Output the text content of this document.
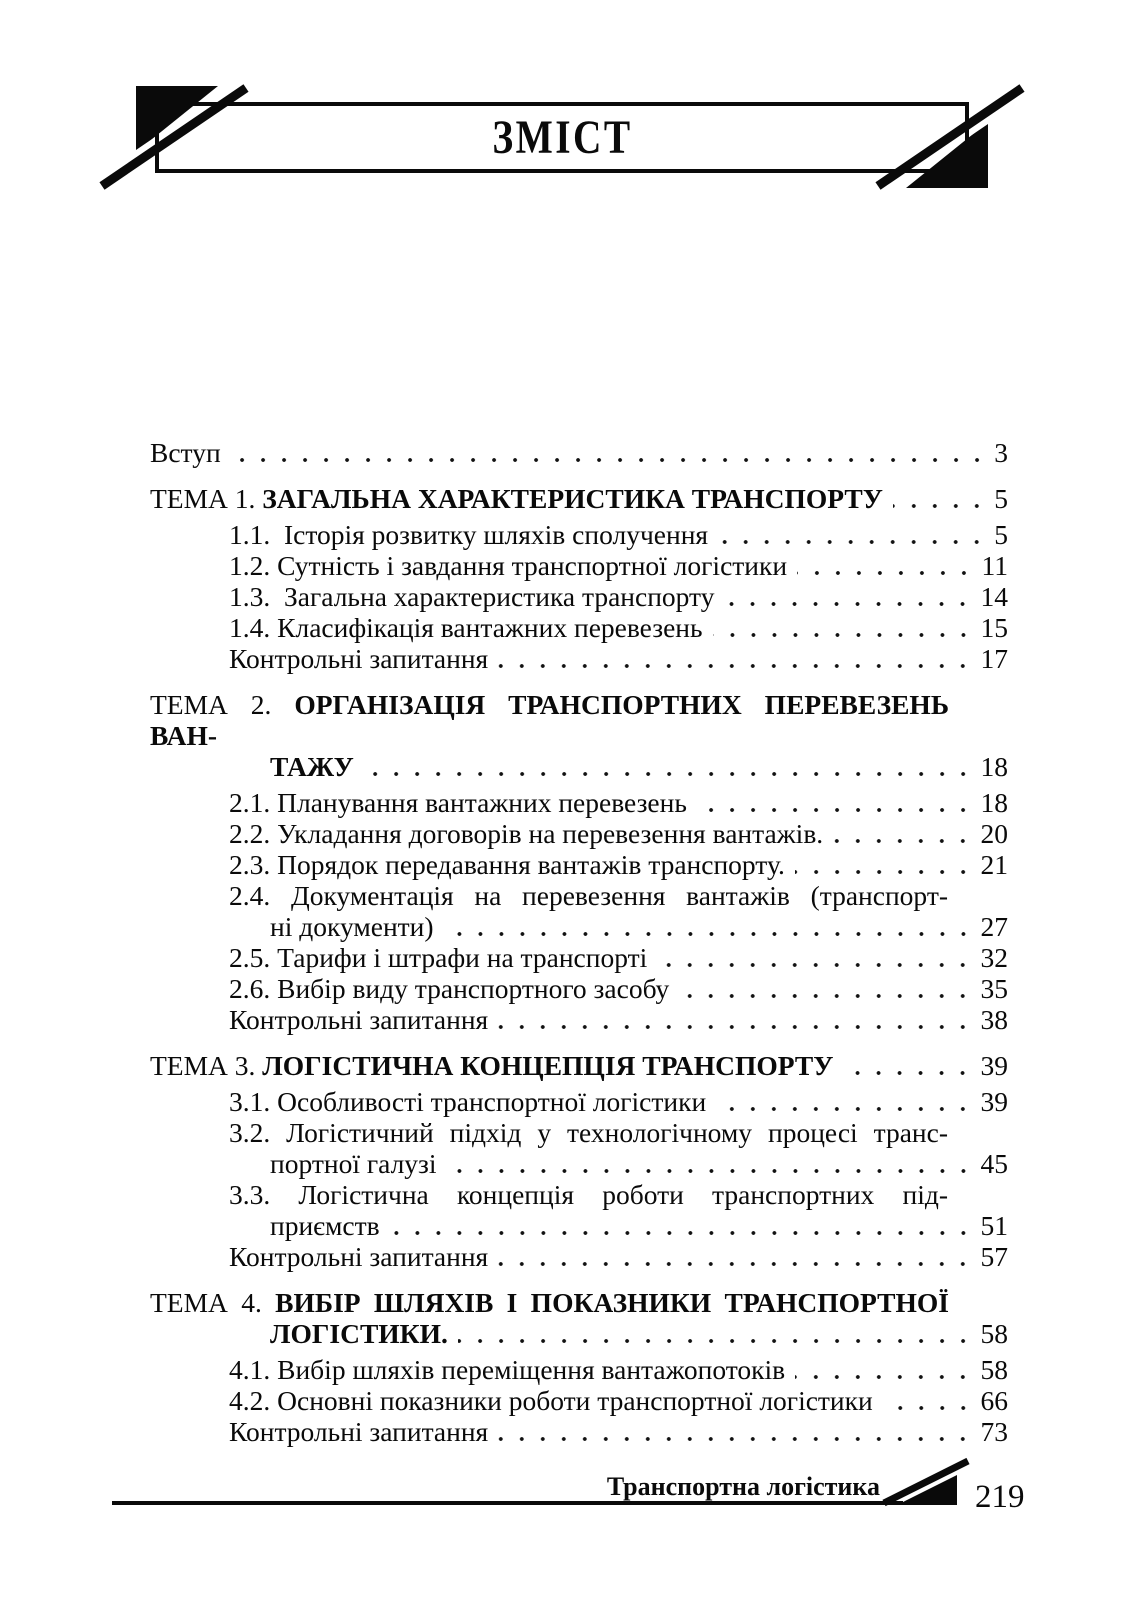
ЗМІСТ
Вступ	3
ТЕМА 1. ЗАГАЛЬНА ХАРАКТЕРИСТИКА ТРАНСПОРТУ	5
1.1.  Історія розвитку шляхів сполучення	5
1.2. Сутність і завдання транспортної логістики	11
1.3.  Загальна характеристика транспорту	14
1.4. Класифікація вантажних перевезень	15
Контрольні запитання	17
ТЕМА 2. ОРГАНІЗАЦІЯ ТРАНСПОРТНИХ ПЕРЕВЕЗЕНЬ ВАН-
ТАЖУ	18
2.1. Планування вантажних перевезень	18
2.2. Укладання договорів на перевезення вантажів.	20
2.3. Порядок передавання вантажів транспорту.	21
2.4. Документація на перевезення вантажів (транспорт-
ні документи)	27
2.5. Тарифи і штрафи на транспорті	32
2.6. Вибір виду транспортного засобу	35
Контрольні запитання	38
ТЕМА 3. ЛОГІСТИЧНА КОНЦЕПЦІЯ ТРАНСПОРТУ	39
3.1. Особливості транспортної логістики	39
3.2. Логістичний підхід у технологічному процесі транс-
портної галузі	45
3.3. Логістична концепція роботи транспортних під-
приємств	51
Контрольні запитання	57
ТЕМА 4. ВИБІР ШЛЯХІВ І ПОКАЗНИКИ ТРАНСПОРТНОЇ
ЛОГІСТИКИ.	58
4.1. Вибір шляхів переміщення вантажопотоків	58
4.2. Основні показники роботи транспортної логістики	66
Контрольні запитання	73
Транспортна логістика	219
